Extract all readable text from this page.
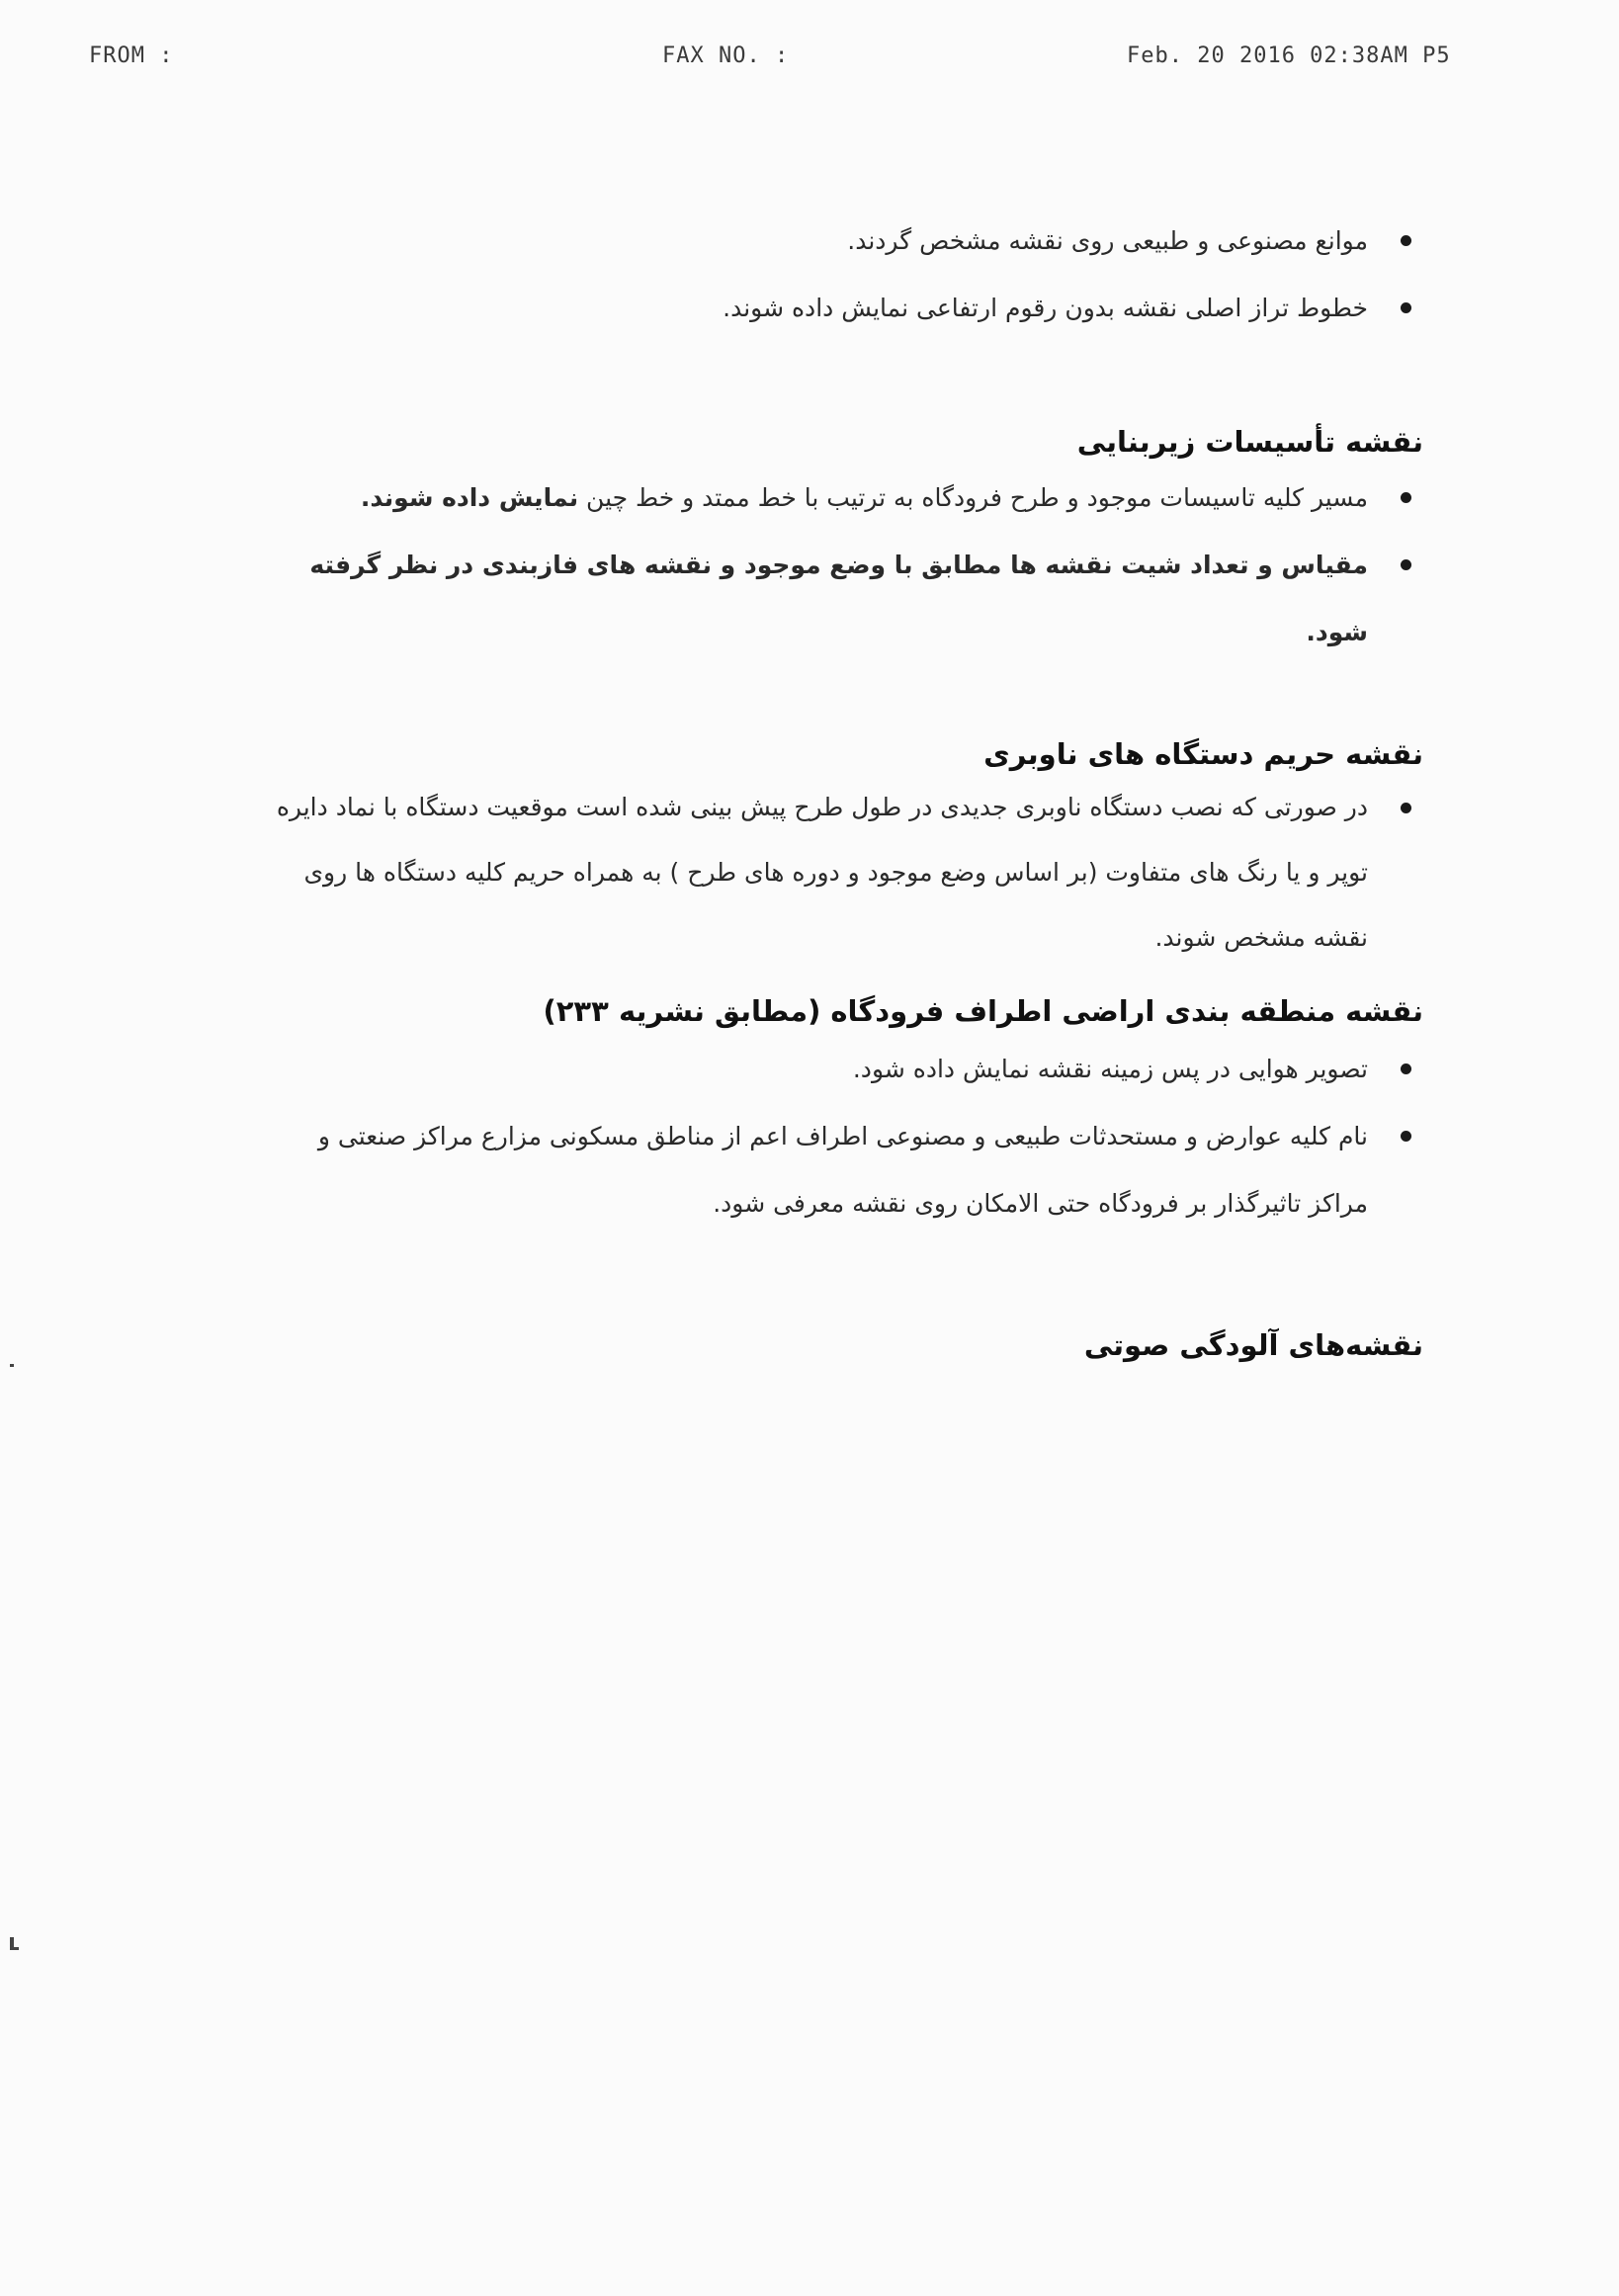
FROM :	FAX NO. :	Feb. 20 2016 02:38AM P5
موانع مصنوعی و طبیعی روی نقشه مشخص گردند.
خطوط تراز اصلی نقشه بدون رقوم ارتفاعی نمایش داده شوند.
نقشه تأسیسات زیربنایی
مسیر کلیه تاسیسات موجود و طرح فرودگاه به ترتیب با خط ممتد و خط چین نمایش داده شوند.
مقیاس و تعداد شیت نقشه ها مطابق با وضع موجود و نقشه های فازبندی در نظر گرفته شود.
نقشه حریم دستگاه های ناوبری
در صورتی که نصب دستگاه ناوبری جدیدی در طول طرح پیش بینی شده است موقعیت دستگاه با نماد دایره توپر و یا رنگ های متفاوت (بر اساس وضع موجود و دوره های طرح ) به همراه حریم کلیه دستگاه ها روی نقشه مشخص شوند.
نقشه منطقه بندی اراضی اطراف فرودگاه (مطابق نشریه ۲۳۳)
تصویر هوایی در پس زمینه نقشه نمایش داده شود.
نام کلیه عوارض و مستحدثات طبیعی و مصنوعی اطراف اعم از مناطق مسکونی مزارع مراکز صنعتی و مراکز تاثیرگذار بر فرودگاه حتی الامکان روی نقشه معرفی شود.
نقشه‌های آلودگی صوتی
